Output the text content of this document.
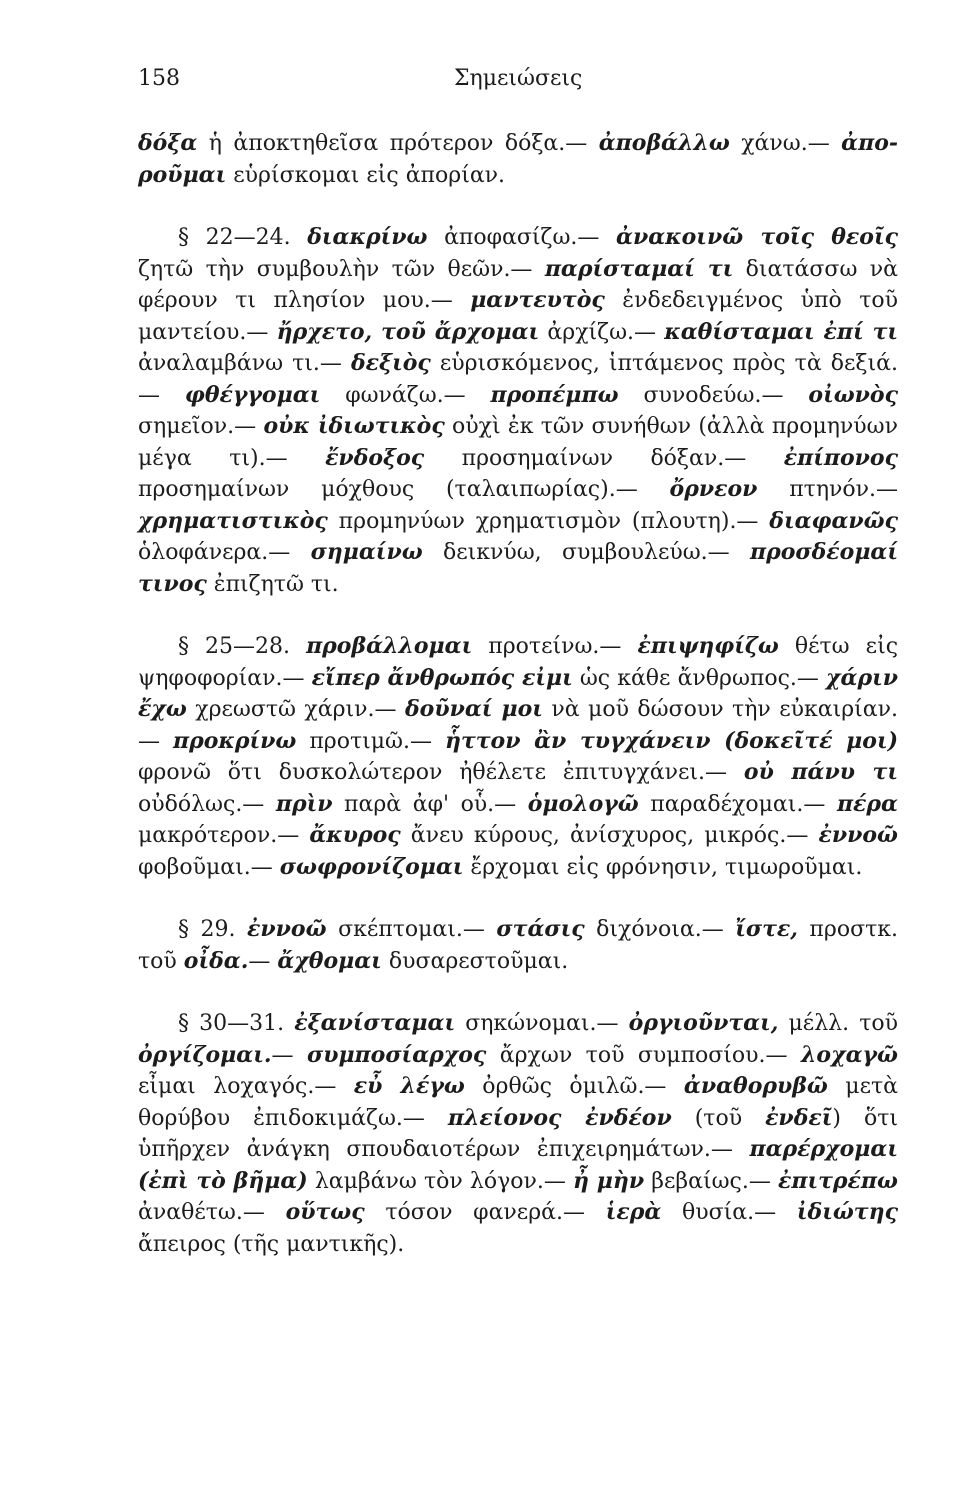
158	Σημειώσεις

δόξα ἡ ἀποκτηθεῖσα πρότερον δόξα.— ἀποβάλλω χάνω.— ἀπο-ροῦμαι εὑρίσκομαι εἰς ἀπορίαν.

§ 22—24. διακρίνω ἀποφασίζω.— ἀνακοινῶ τοῖς θεοῖς ζητῶ τὴν συμβουλὴν τῶν θεῶν.— παρίσταμαί τι διατάσσω νὰ φέρουν τι πλησίον μου.— μαντευτὸς ἐνδεδειγμένος ὑπὸ τοῦ μαντείου.— ἤρχετο, τοῦ ἄρχομαι ἀρχίζω.— καθίσταμαι ἐπί τι ἀναλαμβάνω τι.— δεξιὸς εὑρισκόμενος, ἱπτάμενος πρὸς τὰ δεξιά.— φθέγγομαι φωνάζω.— προπέμπω συνοδεύω.— οἰωνὸς σημεῖον.— οὐκ ἰδιωτικὸς οὐχὶ ἐκ τῶν συνήθων (ἀλλὰ προμηνύων μέγα τι).— ἔνδοξος προσημαίνων δόξαν.— ἐπίπονος προσημαίνων μόχθους (ταλαιπωρίας).— ὄρνεον πτηνόν.— χρηματιστικὸς προμηνύων χρηματισμὸν (πλουτη).— διαφανῶς ὁλοφάνερα.— σημαίνω δεικνύω, συμβουλεύω.— προσδέομαί τινος ἐπιζητῶ τι.

§ 25—28. προβάλλομαι προτείνω.— ἐπιψηφίζω θέτω εἰς ψηφοφορίαν.— εἴπερ ἄνθρωπός εἰμι ὡς κάθε ἄνθρωπος.— χάριν ἔχω χρεωστῶ χάριν.— δοῦναί μοι νὰ μοῦ δώσουν τὴν εὐκαιρίαν.— προκρίνω προτιμῶ.— ἧττον ἂν τυγχάνειν (δοκεῖτέ μοι) φρονῶ ὅτι δυσκολώτερον ἠθέλετε ἐπιτυγχάνει.— οὐ πάνυ τι οὐδόλως.— πρὶν παρὰ ἀφ' οὗ.— ὁμολογῶ παραδέχομαι.— πέρα μακρότερον.— ἄκυρος ἄνευ κύρους, ἀνίσχυρος, μικρός.— ἐννοῶ φοβοῦμαι.— σωφρονίζομαι ἔρχομαι εἰς φρόνησιν, τιμωροῦμαι.

§ 29. ἐννοῶ σκέπτομαι.— στάσις διχόνοια.— ἴστε, προστκ. τοῦ οἶδα.— ἄχθομαι δυσαρεστοῦμαι.

§ 30—31. ἐξανίσταμαι σηκώνομαι.— ὀργιοῦνται, μέλλ. τοῦ ὀργίζομαι.— συμποσίαρχος ἄρχων τοῦ συμποσίου.— λοχαγῶ εἶμαι λοχαγός.— εὖ λέγω ὀρθῶς ὁμιλῶ.— ἀναθορυβῶ μετὰ θορύβου ἐπιδοκιμάζω.— πλείονος ἐνδέον (τοῦ ἐνδεῖ) ὅτι ὑπῆρχεν ἀνάγκη σπουδαιοτέρων ἐπιχειρημάτων.— παρέρχομαι (ἐπὶ τὸ βῆμα) λαμβάνω τὸν λόγον.— ἦ μὴν βεβαίως.— ἐπιτρέπω ἀναθέτω.— οὕτως τόσον φανερά.— ἱερὰ θυσία.— ἰδιώτης ἄπειρος (τῆς μαντικῆς).
